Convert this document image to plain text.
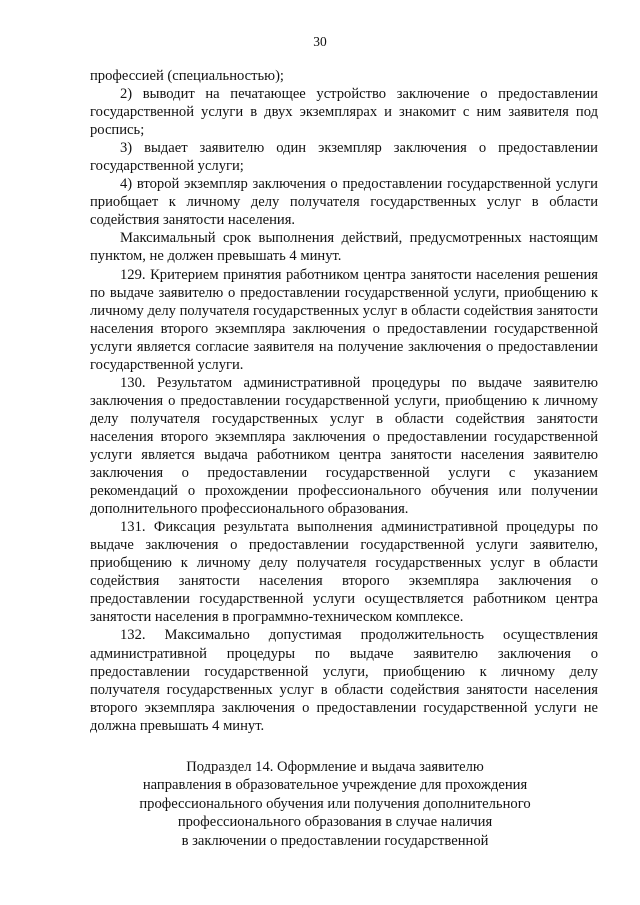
30

профессией (специальностью);

2) выводит на печатающее устройство заключение о предоставлении государственной услуги в двух экземплярах и знакомит с ним заявителя под роспись;

3) выдает заявителю один экземпляр заключения о предоставлении государственной услуги;

4) второй экземпляр заключения о предоставлении государственной услуги приобщает к личному делу получателя государственных услуг в области содействия занятости населения.

Максимальный срок выполнения действий, предусмотренных настоящим пунктом, не должен превышать 4 минут.

129. Критерием принятия работником центра занятости населения решения по выдаче заявителю о предоставлении государственной услуги, приобщению к личному делу получателя государственных услуг в области содействия занятости населения второго экземпляра заключения о предоставлении государственной услуги является согласие заявителя на получение заключения о предоставлении государственной услуги.

130. Результатом административной процедуры по выдаче заявителю заключения о предоставлении государственной услуги, приобщению к личному делу получателя государственных услуг в области содействия занятости населения второго экземпляра заключения о предоставлении государственной услуги является выдача работником центра занятости населения заявителю заключения о предоставлении государственной услуги с указанием рекомендаций о прохождении профессионального обучения или получении дополнительного профессионального образования.

131. Фиксация результата выполнения административной процедуры по выдаче заключения о предоставлении государственной услуги заявителю, приобщению к личному делу получателя государственных услуг в области содействия занятости населения второго экземпляра заключения о предоставлении государственной услуги осуществляется работником центра занятости населения в программно-техническом комплексе.

132. Максимально допустимая продолжительность осуществления административной процедуры по выдаче заявителю заключения о предоставлении государственной услуги, приобщению к личному делу получателя государственных услуг в области содействия занятости населения второго экземпляра заключения о предоставлении государственной услуги не должна превышать 4 минут.

Подраздел 14. Оформление и выдача заявителю

направления в образовательное учреждение для прохождения

профессионального обучения или получения дополнительного

профессионального образования в случае наличия

в заключении о предоставлении государственной
